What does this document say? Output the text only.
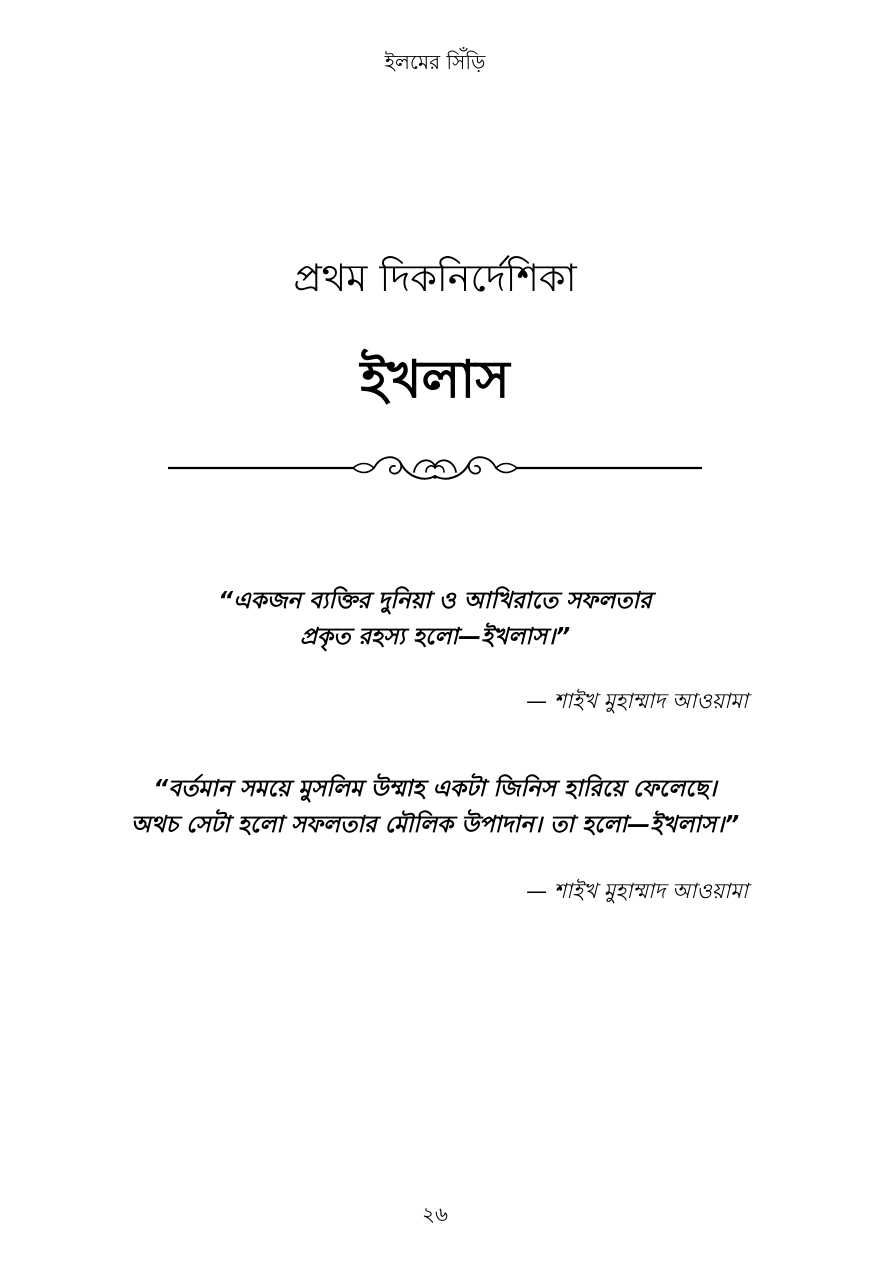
ইলমের সিঁড়ি
প্রথম দিকনির্দেশিকা
ইখলাস
“একজন ব্যক্তির দুনিয়া ও আখিরাতে সফলতার
প্রকৃত রহস্য হলো—ইখলাস।”
— শাইখ মুহাম্মাদ আওয়ামা
“বর্তমান সময়ে মুসলিম উম্মাহ একটা জিনিস হারিয়ে ফেলেছে।
অথচ সেটা হলো সফলতার মৌলিক উপাদান। তা হলো—ইখলাস।”
— শাইখ মুহাম্মাদ আওয়ামা
২৬
